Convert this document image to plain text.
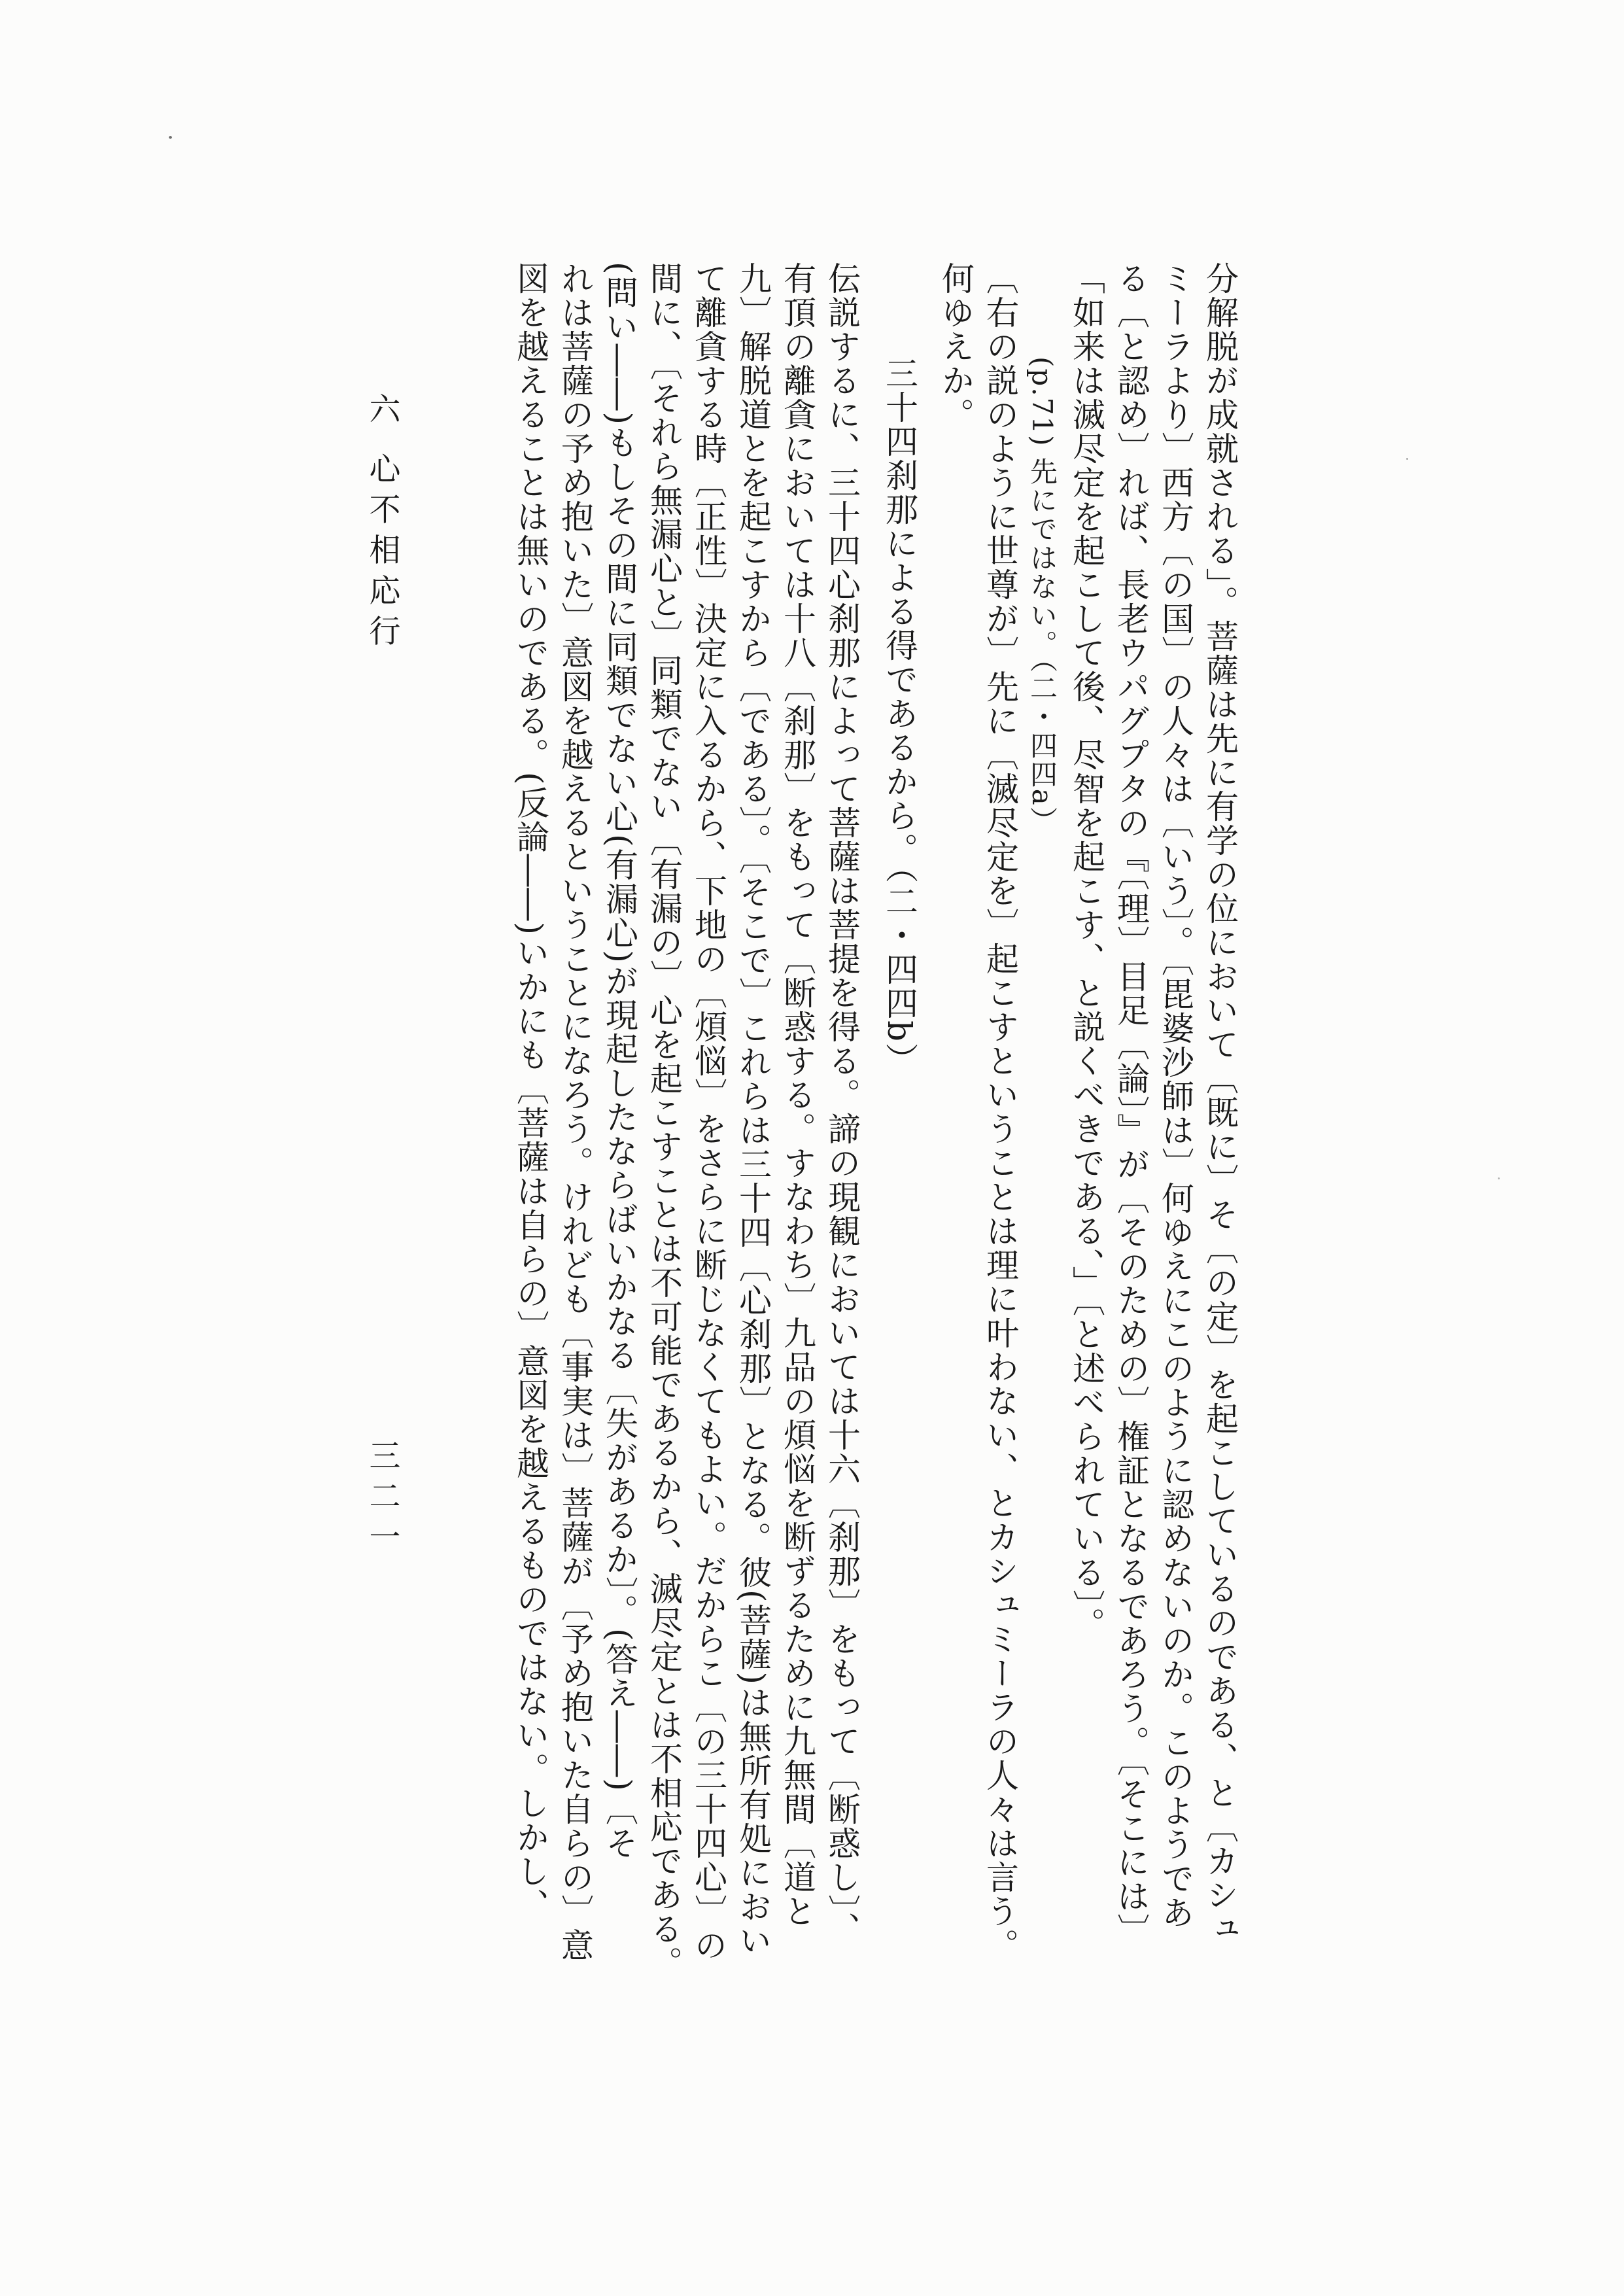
分解脱が成就される」。菩薩は先に有学の位において〔既に〕そ〔の定〕を起こしているのである、と〔カシュ

ミーラより〕西方〔の国〕の人々は〔いう〕。〔毘婆沙師は〕何ゆえにこのように認めないのか。このようであ

る〔と認め〕れば、長老ウパグプタの『〔理〕目足〔論〕』が〔そのための〕権証となるであろう。〔そこには〕

「如来は滅尽定を起こして後、尽智を起こす、と説くべきである、」〔と述べられている〕。

(p.71) 先にではない。（二・四四a）

〔右の説のように世尊が〕先に〔滅尽定を〕起こすということは理に叶わない、とカシュミーラの人々は言う。

何ゆえか。

三十四刹那による得であるから。（二・四四b）

伝説するに、三十四心刹那によって菩薩は菩提を得る。諦の現観においては十六〔刹那〕をもって〔断惑し〕、

有頂の離貪においては十八〔刹那〕をもって〔断惑する。すなわち〕九品の煩悩を断ずるために九無間〔道と

九〕解脱道とを起こすから〔である〕。〔そこで〕これらは三十四〔心刹那〕となる。彼(菩薩)は無所有処におい

て離貪する時〔正性〕決定に入るから、下地の〔煩悩〕をさらに断じなくてもよい。だからこ〔の三十四心〕の

間に、〔それら無漏心と〕同類でない〔有漏の〕心を起こすことは不可能であるから、滅尽定とは不相応である。

(問い――)もしその間に同類でない心(有漏心)が現起したならばいかなる〔失があるか〕。(答え――)〔そ

れは菩薩の予め抱いた〕意図を越えるということになろう。けれども〔事実は〕菩薩が〔予め抱いた自らの〕意

図を越えることは無いのである。(反論――)いかにも〔菩薩は自らの〕意図を越えるものではない。しかし、

三二一
六 心不相応行
